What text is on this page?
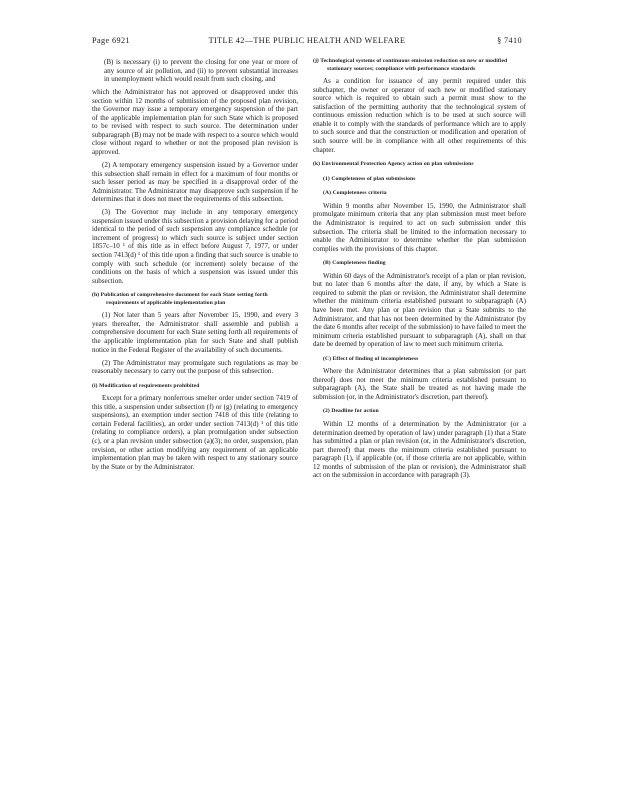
Page 6921	TITLE 42—THE PUBLIC HEALTH AND WELFARE	§ 7410

(B) is necessary (i) to prevent the closing for one year or more of any source of air pollution, and (ii) to prevent substantial increases in unemployment which would result from such closing, and

which the Administrator has not approved or disapproved under this section within 12 months of submission of the proposed plan revision, the Governor may issue a temporary emergency suspension of the part of the applicable implementation plan for such State which is proposed to be revised with respect to such source. The determination under subparagraph (B) may not be made with respect to a source which would close without regard to whether or not the proposed plan revision is approved.

(2) A temporary emergency suspension issued by a Governor under this subsection shall remain in effect for a maximum of four months or such lesser period as may be specified in a disapproval order of the Administrator. The Administrator may disapprove such suspension if he determines that it does not meet the requirements of this subsection.

(3) The Governor may include in any temporary emergency suspension issued under this subsection a provision delaying for a period identical to the period of such suspension any compliance schedule (or increment of progress) to which such source is subject under section 1857c–10 ¹ of this title as in effect before August 7, 1977, or under section 7413(d) ¹ of this title upon a finding that such source is unable to comply with such schedule (or increment) solely because of the conditions on the basis of which a suspension was issued under this subsection.

(h) Publication of comprehensive document for each State setting forth requirements of applicable implementation plan

(1) Not later than 5 years after November 15, 1990, and every 3 years thereafter, the Administrator shall assemble and publish a comprehensive document for each State setting forth all requirements of the applicable implementation plan for such State and shall publish notice in the Federal Register of the availability of such documents.

(2) The Administrator may promulgate such regulations as may be reasonably necessary to carry out the purpose of this subsection.

(i) Modification of requirements prohibited

Except for a primary nonferrous smelter order under section 7419 of this title, a suspension under subsection (f) or (g) (relating to emergency suspensions), an exemption under section 7418 of this title (relating to certain Federal facilities), an order under section 7413(d) ¹ of this title (relating to compliance orders), a plan promulgation under subsection (c), or a plan revision under subsection (a)(3); no order, suspension, plan revision, or other action modifying any requirement of an applicable implementation plan may be taken with respect to any stationary source by the State or by the Administrator.

(j) Technological systems of continuous emission reduction on new or modified stationary sources; compliance with performance standards

As a condition for issuance of any permit required under this subchapter, the owner or operator of each new or modified stationary source which is required to obtain such a permit must show to the satisfaction of the permitting authority that the technological system of continuous emission reduction which is to be used at such source will enable it to comply with the standards of performance which are to apply to such source and that the construction or modification and operation of such source will be in compliance with all other requirements of this chapter.

(k) Environmental Protection Agency action on plan submissions

(1) Completeness of plan submissions

(A) Completeness criteria

Within 9 months after November 15, 1990, the Administrator shall promulgate minimum criteria that any plan submission must meet before the Administrator is required to act on such submission under this subsection. The criteria shall be limited to the information necessary to enable the Administrator to determine whether the plan submission complies with the provisions of this chapter.

(B) Completeness finding

Within 60 days of the Administrator's receipt of a plan or plan revision, but no later than 6 months after the date, if any, by which a State is required to submit the plan or revision, the Administrator shall determine whether the minimum criteria established pursuant to subparagraph (A) have been met. Any plan or plan revision that a State submits to the Administrator, and that has not been determined by the Administrator (by the date 6 months after receipt of the submission) to have failed to meet the minimum criteria established pursuant to subparagraph (A), shall on that date be deemed by operation of law to meet such minimum criteria.

(C) Effect of finding of incompleteness

Where the Administrator determines that a plan submission (or part thereof) does not meet the minimum criteria established pursuant to subparagraph (A), the State shall be treated as not having made the submission (or, in the Administrator's discretion, part thereof).

(2) Deadline for action

Within 12 months of a determination by the Administrator (or a determination deemed by operation of law) under paragraph (1) that a State has submitted a plan or plan revision (or, in the Administrator's discretion, part thereof) that meets the minimum criteria established pursuant to paragraph (1), if applicable (or, if those criteria are not applicable, within 12 months of submission of the plan or revision), the Administrator shall act on the submission in accordance with paragraph (3).
